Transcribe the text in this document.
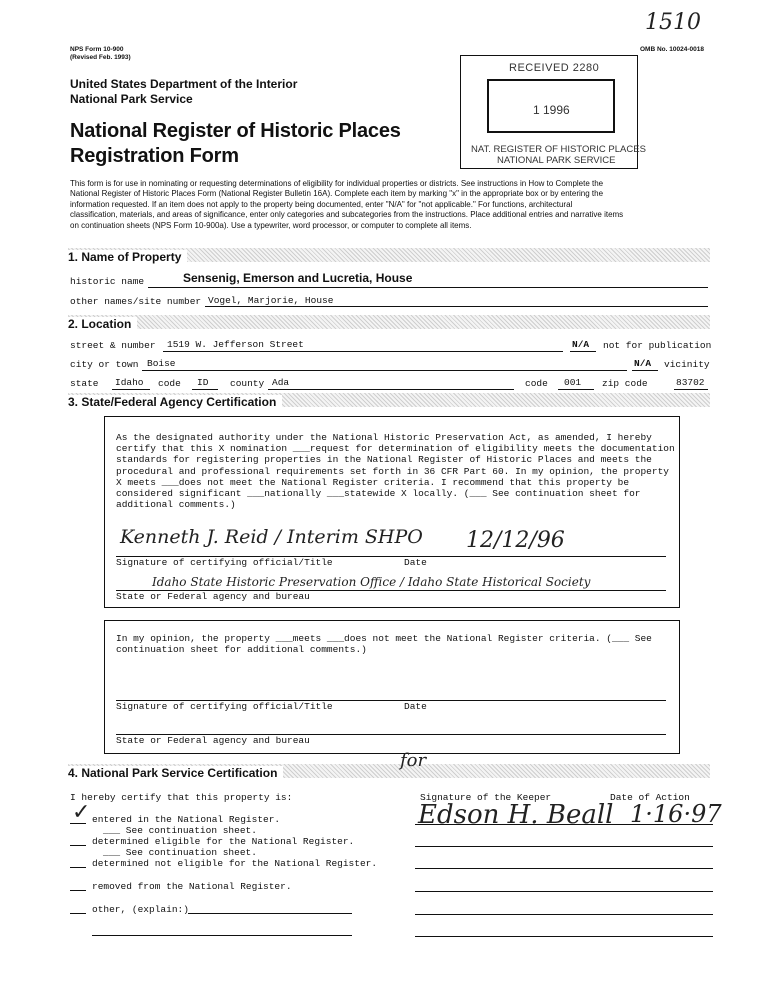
NPS Form 10-900
(Revised Feb. 1993)
OMB No. 10024-0018
1510
United States Department of the Interior
National Park Service
National Register of Historic Places
Registration Form
RECEIVED 2280
1 1996
NAT. REGISTER OF HISTORIC PLACES
NATIONAL PARK SERVICE
This form is for use in nominating or requesting determinations of eligibility for individual properties or districts. See instructions in How to Complete the
National Register of Historic Places Form (National Register Bulletin 16A). Complete each item by marking "x" in the appropriate box or by entering the
information requested. If an item does not apply to the property being documented, enter "N/A" for "not applicable." For functions, architectural
classification, materials, and areas of significance, enter only categories and subcategories from the instructions. Place additional entries and narrative items
on continuation sheets (NPS Form 10-900a). Use a typewriter, word processor, or computer to complete all items.
1. Name of Property
historic name	Sensenig, Emerson and Lucretia, House
other names/site number Vogel, Marjorie, House
2. Location
street & number 1519 W. Jefferson Street	N/A not for publication
city or town Boise	N/A vicinity
state Idaho code ID county Ada	code 001 zip code	83702
3. State/Federal Agency Certification
As the designated authority under the National Historic Preservation Act, as amended, I hereby
certify that this X nomination ___request for determination of eligibility meets the documentation
standards for registering properties in the National Register of Historic Places and meets the
procedural and professional requirements set forth in 36 CFR Part 60. In my opinion, the property
X meets ___does not meet the National Register criteria. I recommend that this property be
considered significant ___nationally ___statewide X locally. (___ See continuation sheet for
additional comments.)
Kenneth J. Reid / Interim SHPO 12/12/96
Signature of certifying official/Title	Date
Idaho State Historic Preservation Office / Idaho State Historical Society
State or Federal agency and bureau
In my opinion, the property ___meets ___does not meet the National Register criteria. (___ See
continuation sheet for additional comments.)
Signature of certifying official/Title	Date
State or Federal agency and bureau
4. National Park Service Certification
I hereby certify that this property is:	Signature of the Keeper	Date of Action
for
Edson H. Beall 1·16·97
✓ entered in the National Register.
___ See continuation sheet.
determined eligible for the National Register.
___ See continuation sheet.
determined not eligible for the National Register.
removed from the National Register.
other, (explain:)
